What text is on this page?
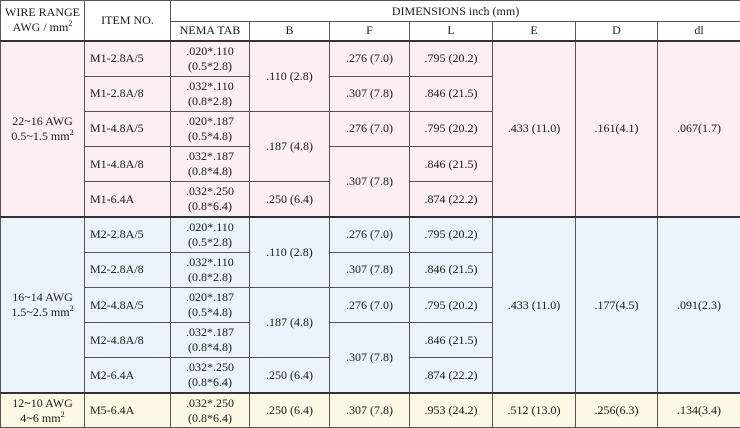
WIRE RANGE
AWG / $mm^2$	ITEM NO.	DIMENSIONS inch (mm)						
		NEMA TAB	B	F	L	E	D	dl

22~16 AWG
0.5~1.5 $mm^2$	M1-2.8A/5	.020*.110
(0.5*2.8)	.110 (2.8)	.276 (7.0)	.795 (20.2)	.433 (11.0)	.161(4.1)	.067(1.7)
	M1-2.8A/8	.032*.110
(0.8*2.8)		.307 (7.8)	.846 (21.5)			
	M1-4.8A/5	.020*.187
(0.5*4.8)	.187 (4.8)	.276 (7.0)	.795 (20.2)			
	M1-4.8A/8	.032*.187
(0.8*4.8)		.307 (7.8)	.846 (21.5)			
	M1-6.4A	.032*.250
(0.8*6.4)	.250 (6.4)		.874 (22.2)			

16~14 AWG
1.5~2.5 $mm^2$	M2-2.8A/5	.020*.110
(0.5*2.8)	.110 (2.8)	.276 (7.0)	.795 (20.2)	.433 (11.0)	.177(4.5)	.091(2.3)
	M2-2.8A/8	.032*.110
(0.8*2.8)		.307 (7.8)	.846 (21.5)			
	M2-4.8A/5	.020*.187
(0.5*4.8)	.187 (4.8)	.276 (7.0)	.795 (20.2)			
	M2-4.8A/8	.032*.187
(0.8*4.8)		.307 (7.8)	.846 (21.5)			
	M2-6.4A	.032*.250
(0.8*6.4)	.250 (6.4)		.874 (22.2)			

12~10 AWG
4~6 $mm^2$	M5-6.4A	.032*.250
(0.8*6.4)	.250 (6.4)	.307 (7.8)	.953 (24.2)	.512 (13.0)	.256(6.3)	.134(3.4)
